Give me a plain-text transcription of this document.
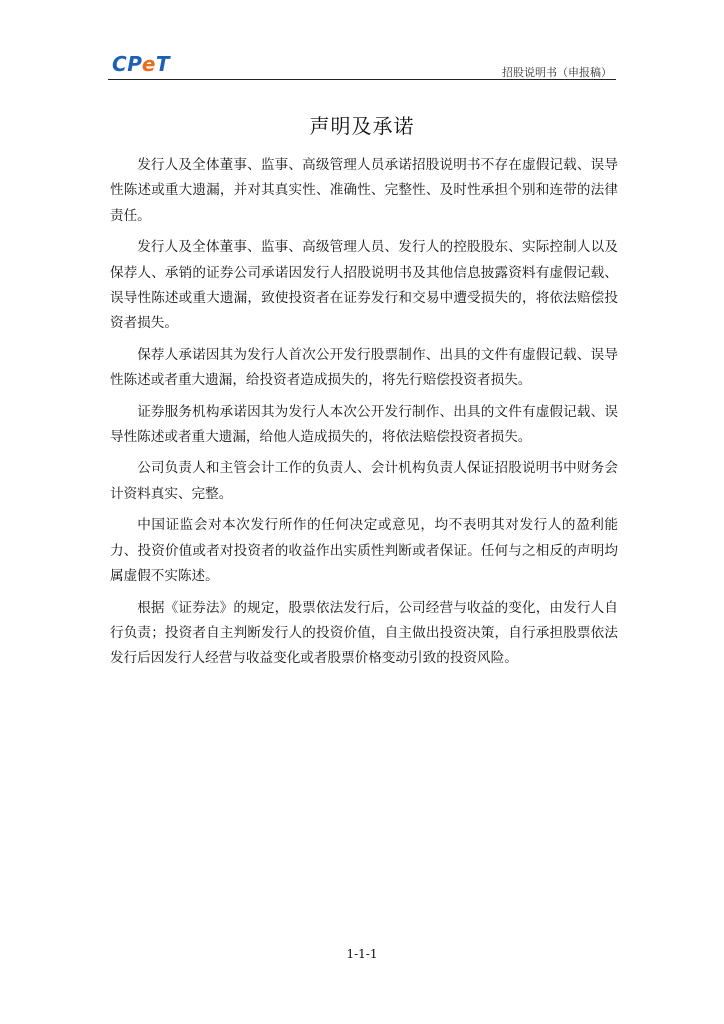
CPeT	招股说明书（申报稿）
声明及承诺

发行人及全体董事、监事、高级管理人员承诺招股说明书不存在虚假记载、误导性陈述或重大遗漏，并对其真实性、准确性、完整性、及时性承担个别和连带的法律责任。

发行人及全体董事、监事、高级管理人员、发行人的控股股东、实际控制人以及保荐人、承销的证券公司承诺因发行人招股说明书及其他信息披露资料有虚假记载、误导性陈述或重大遗漏，致使投资者在证券发行和交易中遭受损失的，将依法赔偿投资者损失。

保荐人承诺因其为发行人首次公开发行股票制作、出具的文件有虚假记载、误导性陈述或者重大遗漏，给投资者造成损失的，将先行赔偿投资者损失。

证券服务机构承诺因其为发行人本次公开发行制作、出具的文件有虚假记载、误导性陈述或者重大遗漏，给他人造成损失的，将依法赔偿投资者损失。

公司负责人和主管会计工作的负责人、会计机构负责人保证招股说明书中财务会计资料真实、完整。

中国证监会对本次发行所作的任何决定或意见，均不表明其对发行人的盈利能力、投资价值或者对投资者的收益作出实质性判断或者保证。任何与之相反的声明均属虚假不实陈述。

根据《证券法》的规定，股票依法发行后，公司经营与收益的变化，由发行人自行负责；投资者自主判断发行人的投资价值，自主做出投资决策，自行承担股票依法发行后因发行人经营与收益变化或者股票价格变动引致的投资风险。

1-1-1
